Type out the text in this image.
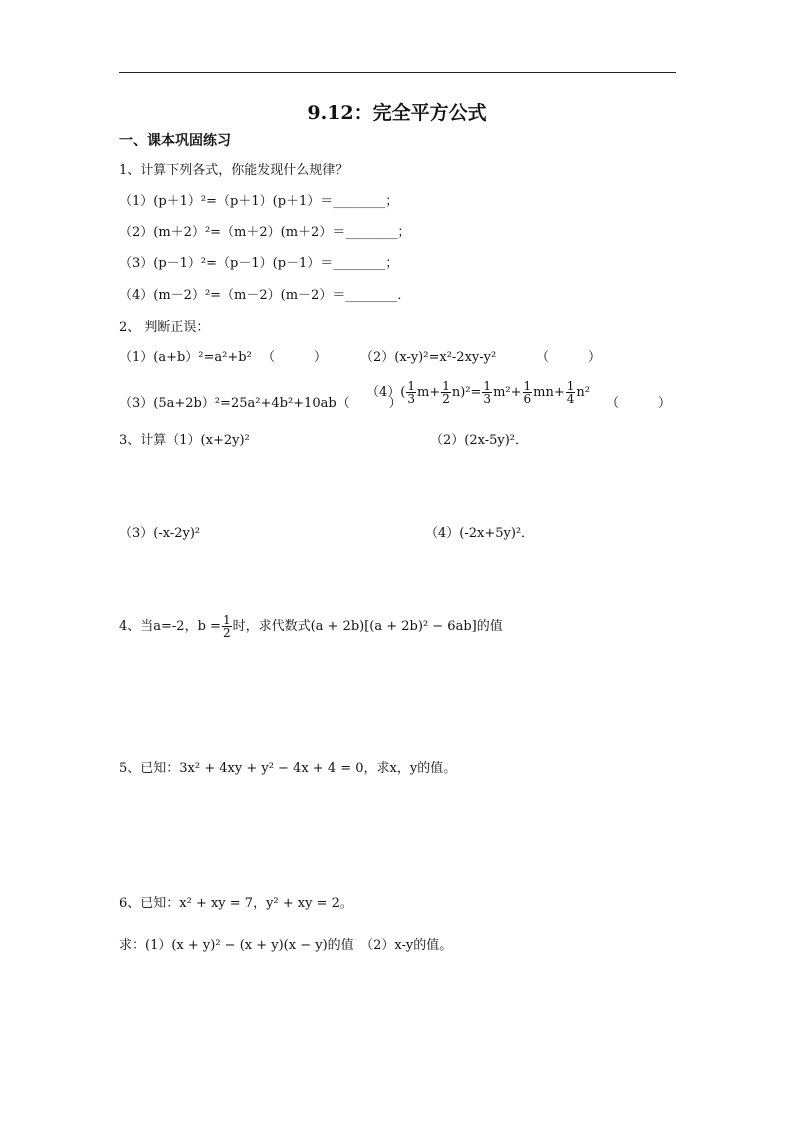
9.12：完全平方公式
一、课本巩固练习
1、计算下列各式，你能发现什么规律？
（1）(p＋1）²=（p＋1）(p＋1）＝________；
（2）(m＋2）²=（m＋2）(m＋2）＝________；
（3）(p－1）²=（p－1）(p－1）＝________；
（4）(m－2）²=（m－2）(m－2）＝________．
2、 判断正误：
（1）(a+b）²=a²+b² （　　　）	（2）(x-y)²=x²-2xy-y²	（　　　）
（3）(5a+2b）²=25a²+4b²+10ab（　　　）
$(4)( \frac{1}{3} m+ \frac{1}{2} n)^2= \frac{1}{3} m^2+ \frac{1}{6} mn+ \frac{1}{4} n^2$
（　　　）
3、计算（1）(x+2y)²	（2）(2x-5y)²．
（3）(-x-2y)²	（4）(-2x+5y)²．
4、当a=-2，$b = \frac{1}{2}$ 时，求代数式(a + 2b)[(a + 2b)² − 6ab]的值
5、已知：3x² + 4xy + y² − 4x + 4 = 0，求x，y的值。
6、已知：x² + xy = 7，y² + xy = 2。
求：(1）(x + y)² − (x + y)(x − y)的值　（2）x-y的值。
